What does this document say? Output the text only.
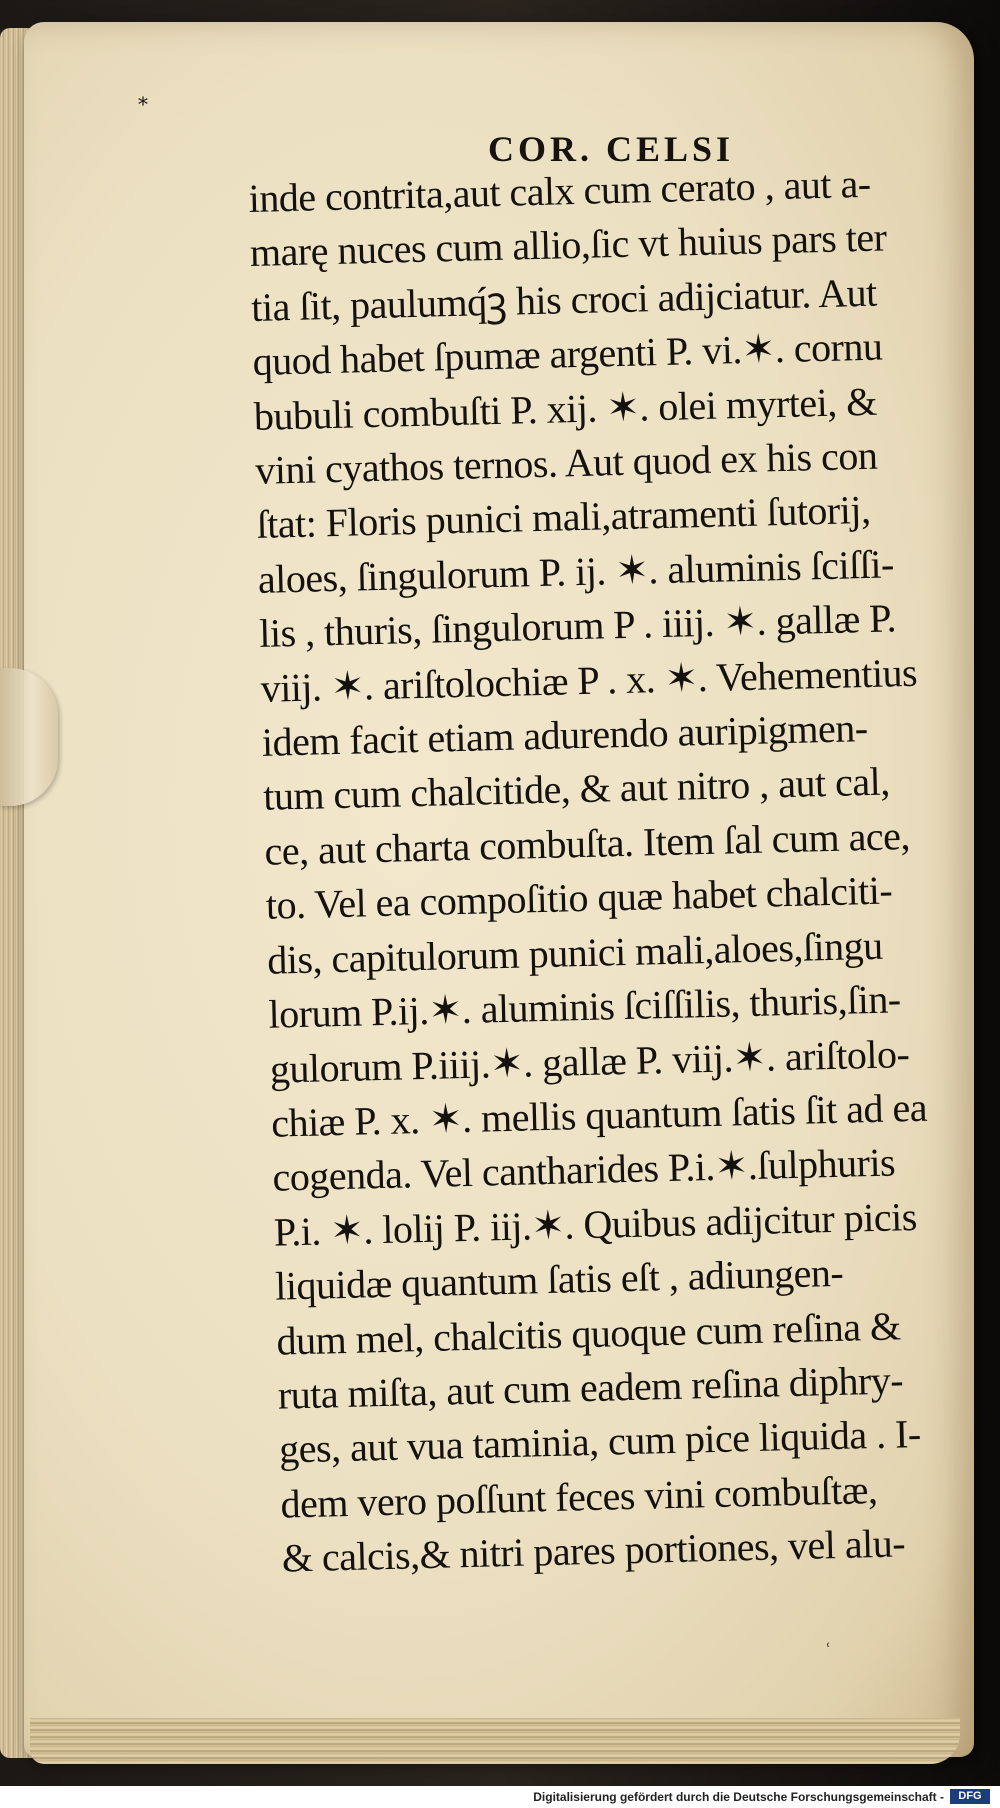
*
COR. CELSI
inde contrita,aut calx cum cerato , aut a-
marę nuces cum allio,ſic vt huius pars ter
tia ſit, paulumq́ꝫ his croci adijciatur. Aut
quod habet ſpumæ argenti P. vi.✶. cornu
bubuli combuſti P. xij. ✶. olei myrtei, &
vini cyathos ternos. Aut quod ex his con
ſtat: Floris punici mali,atramenti ſutorij,
aloes, ſingulorum P. ij. ✶. aluminis ſciſſi-
lis , thuris, ſingulorum P . iiij. ✶. gallæ P.
viij. ✶. ariſtolochiæ P . x. ✶. Vehementius
idem facit etiam adurendo auripigmen-
tum cum chalcitide, & aut nitro , aut cal,
ce, aut charta combuſta. Item ſal cum ace,
to. Vel ea compoſitio quæ habet chalciti-
dis, capitulorum punici mali,aloes,ſingu
lorum P.ij.✶. aluminis ſciſſilis, thuris,ſin-
gulorum P.iiij.✶. gallæ P. viij.✶. ariſtolo-
chiæ P. x. ✶. mellis quantum ſatis ſit ad ea
cogenda. Vel cantharides P.i.✶.ſulphuris
P.i. ✶. lolij P. iij.✶. Quibus adijcitur picis
liquidæ quantum ſatis eſt , adiungen-
dum mel, chalcitis quoque cum reſina &
ruta miſta, aut cum eadem reſina diphry-
ges, aut vua taminia, cum pice liquida . I-
dem vero poſſunt feces vini combuſtæ,
& calcis,& nitri pares portiones, vel alu-
ʿ
Digitalisierung gefördert durch die Deutsche Forschungsgemeinschaft -	DFG
